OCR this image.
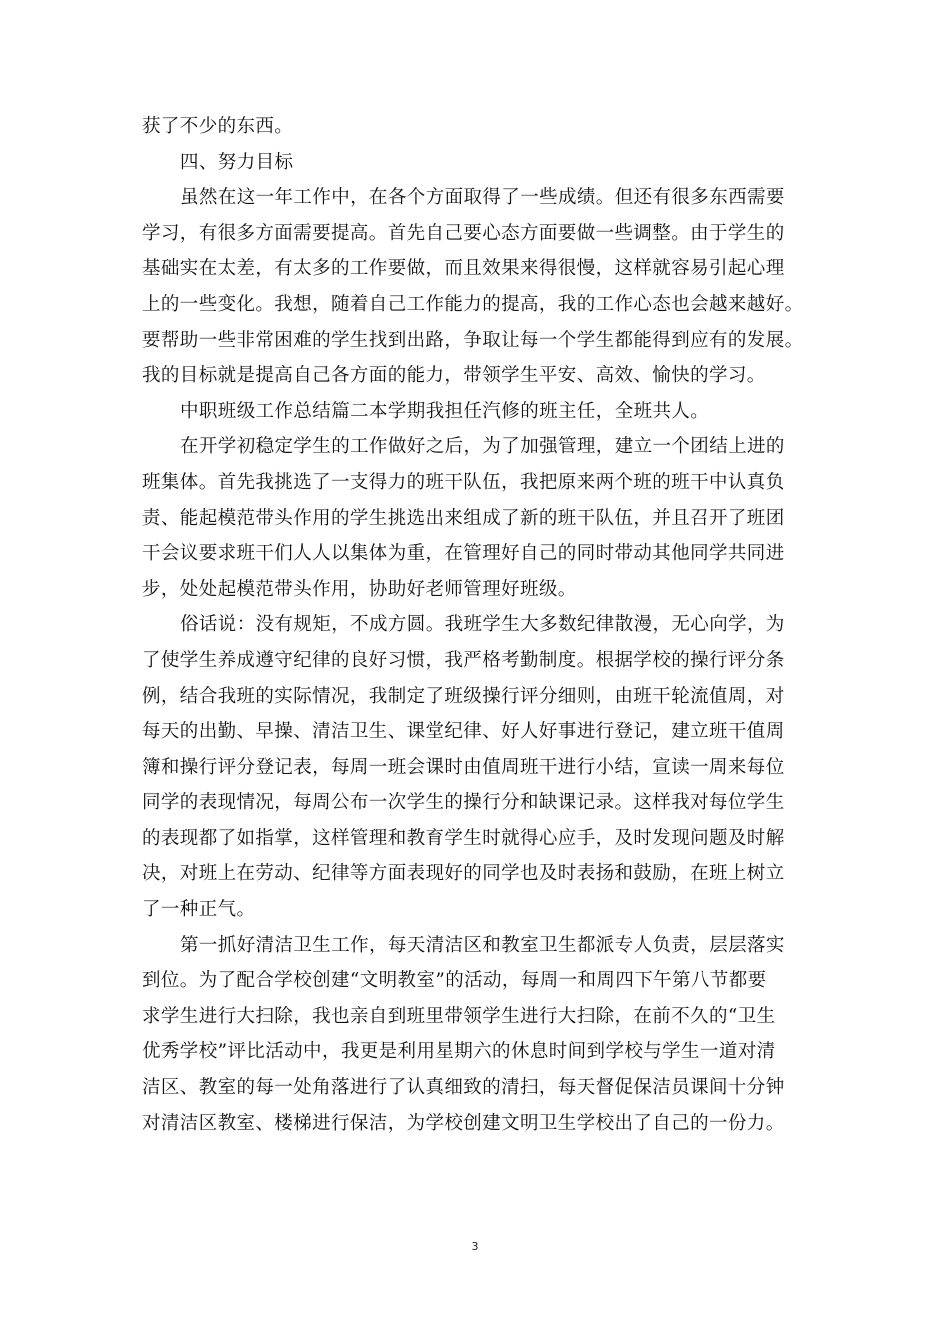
获了不少的东西。
四、努力目标
虽然在这一年工作中，在各个方面取得了一些成绩。但还有很多东西需要
学习，有很多方面需要提高。首先自己要心态方面要做一些调整。由于学生的
基础实在太差，有太多的工作要做，而且效果来得很慢，这样就容易引起心理
上的一些变化。我想，随着自己工作能力的提高，我的工作心态也会越来越好。
要帮助一些非常困难的学生找到出路，争取让每一个学生都能得到应有的发展。
我的目标就是提高自己各方面的能力，带领学生平安、高效、愉快的学习。
中职班级工作总结篇二本学期我担任汽修的班主任，全班共人。
在开学初稳定学生的工作做好之后，为了加强管理，建立一个团结上进的
班集体。首先我挑选了一支得力的班干队伍，我把原来两个班的班干中认真负
责、能起模范带头作用的学生挑选出来组成了新的班干队伍，并且召开了班团
干会议要求班干们人人以集体为重，在管理好自己的同时带动其他同学共同进
步，处处起模范带头作用，协助好老师管理好班级。
俗话说：没有规矩，不成方圆。我班学生大多数纪律散漫，无心向学，为
了使学生养成遵守纪律的良好习惯，我严格考勤制度。根据学校的操行评分条
例，结合我班的实际情况，我制定了班级操行评分细则，由班干轮流值周，对
每天的出勤、早操、清洁卫生、课堂纪律、好人好事进行登记，建立班干值周
簿和操行评分登记表，每周一班会课时由值周班干进行小结，宣读一周来每位
同学的表现情况，每周公布一次学生的操行分和缺课记录。这样我对每位学生
的表现都了如指掌，这样管理和教育学生时就得心应手，及时发现问题及时解
决，对班上在劳动、纪律等方面表现好的同学也及时表扬和鼓励，在班上树立
了一种正气。
第一抓好清洁卫生工作，每天清洁区和教室卫生都派专人负责，层层落实
到位。为了配合学校创建“文明教室”的活动，每周一和周四下午第八节都要
求学生进行大扫除，我也亲自到班里带领学生进行大扫除，在前不久的“卫生
优秀学校”评比活动中，我更是利用星期六的休息时间到学校与学生一道对清
洁区、教室的每一处角落进行了认真细致的清扫，每天督促保洁员课间十分钟
对清洁区教室、楼梯进行保洁，为学校创建文明卫生学校出了自己的一份力。
3
